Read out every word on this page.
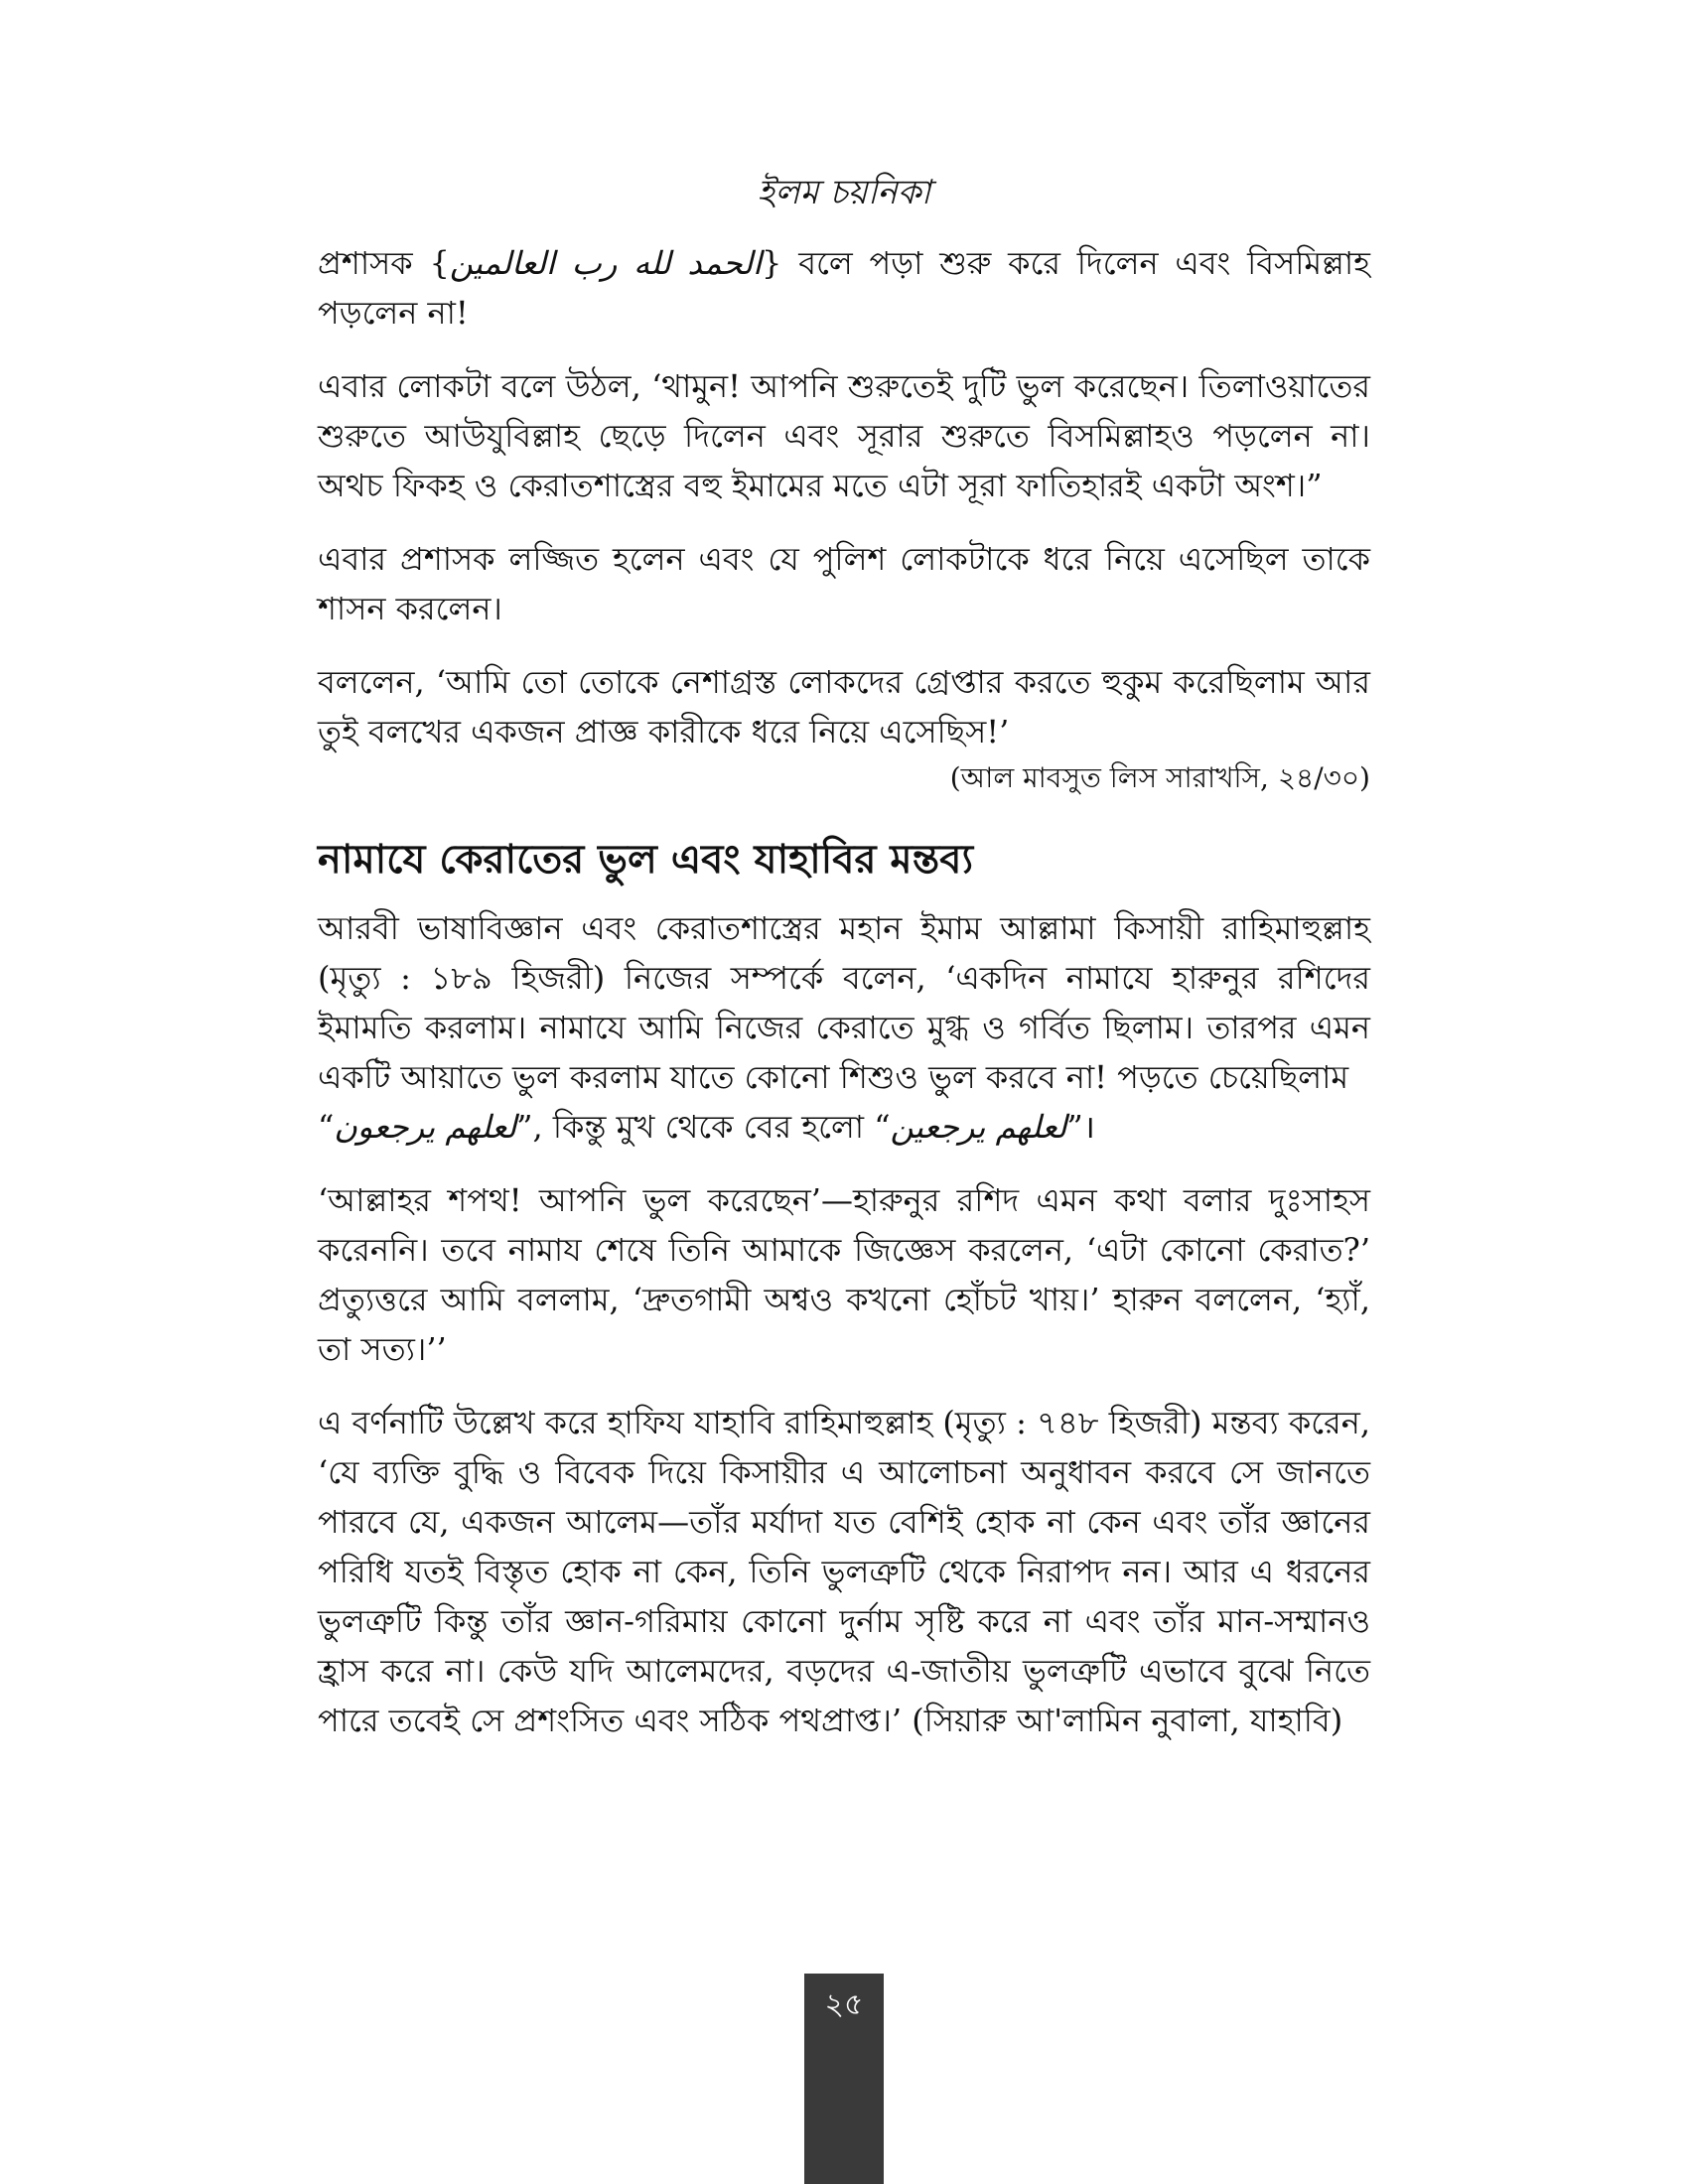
ইলম চয়নিকা

প্রশাসক {الحمد لله رب العالمين} বলে পড়া শুরু করে দিলেন এবং বিসমিল্লাহ পড়লেন না!

এবার লোকটা বলে উঠল, ‘থামুন! আপনি শুরুতেই দুটি ভুল করেছেন। তিলাওয়াতের শুরুতে আউযুবিল্লাহ ছেড়ে দিলেন এবং সূরার শুরুতে বিসমিল্লাহও পড়লেন না। অথচ ফিকহ ও কেরাতশাস্ত্রের বহু ইমামের মতে এটা সূরা ফাতিহারই একটা অংশ।”

এবার প্রশাসক লজ্জিত হলেন এবং যে পুলিশ লোকটাকে ধরে নিয়ে এসেছিল তাকে শাসন করলেন।

বললেন, ‘আমি তো তোকে নেশাগ্রস্ত লোকদের গ্রেপ্তার করতে হুকুম করেছিলাম আর তুই বলখের একজন প্রাজ্ঞ কারীকে ধরে নিয়ে এসেছিস!’

(আল মাবসুত লিস সারাখসি, ২৪/৩০)
নামাযে কেরাতের ভুল এবং যাহাবির মন্তব্য

আরবী ভাষাবিজ্ঞান এবং কেরাতশাস্ত্রের মহান ইমাম আল্লামা কিসায়ী রাহিমাহুল্লাহ (মৃত্যু : ১৮৯ হিজরী) নিজের সম্পর্কে বলেন, ‘একদিন নামাযে হারুনুর রশিদের ইমামতি করলাম। নামাযে আমি নিজের কেরাতে মুগ্ধ ও গর্বিত ছিলাম। তারপর এমন একটি আয়াতে ভুল করলাম যাতে কোনো শিশুও ভুল করবে না! পড়তে চেয়েছিলাম

“لعلهم يرجعون”, কিন্তু মুখ থেকে বের হলো “لعلهم يرجعين”।

‘আল্লাহর শপথ! আপনি ভুল করেছেন’—হারুনুর রশিদ এমন কথা বলার দুঃসাহস করেননি। তবে নামায শেষে তিনি আমাকে জিজ্ঞেস করলেন, ‘এটা কোনো কেরাত?’ প্রত্যুত্তরে আমি বললাম, ‘দ্রুতগামী অশ্বও কখনো হোঁচট খায়।’ হারুন বললেন, ‘হ্যাঁ, তা সত্য।’’

এ বর্ণনাটি উল্লেখ করে হাফিয যাহাবি রাহিমাহুল্লাহ (মৃত্যু : ৭৪৮ হিজরী) মন্তব্য করেন, ‘যে ব্যক্তি বুদ্ধি ও বিবেক দিয়ে কিসায়ীর এ আলোচনা অনুধাবন করবে সে জানতে পারবে যে, একজন আলেম—তাঁর মর্যাদা যত বেশিই হোক না কেন এবং তাঁর জ্ঞানের পরিধি যতই বিস্তৃত হোক না কেন, তিনি ভুলত্রুটি থেকে নিরাপদ নন। আর এ ধরনের ভুলত্রুটি কিন্তু তাঁর জ্ঞান-গরিমায় কোনো দুর্নাম সৃষ্টি করে না এবং তাঁর মান-সম্মানও হ্রাস করে না। কেউ যদি আলেমদের, বড়দের এ-জাতীয় ভুলত্রুটি এভাবে বুঝে নিতে পারে তবেই সে প্রশংসিত এবং সঠিক পথপ্রাপ্ত।’ (সিয়ারু আ'লামিন নুবালা, যাহাবি)

২৫
